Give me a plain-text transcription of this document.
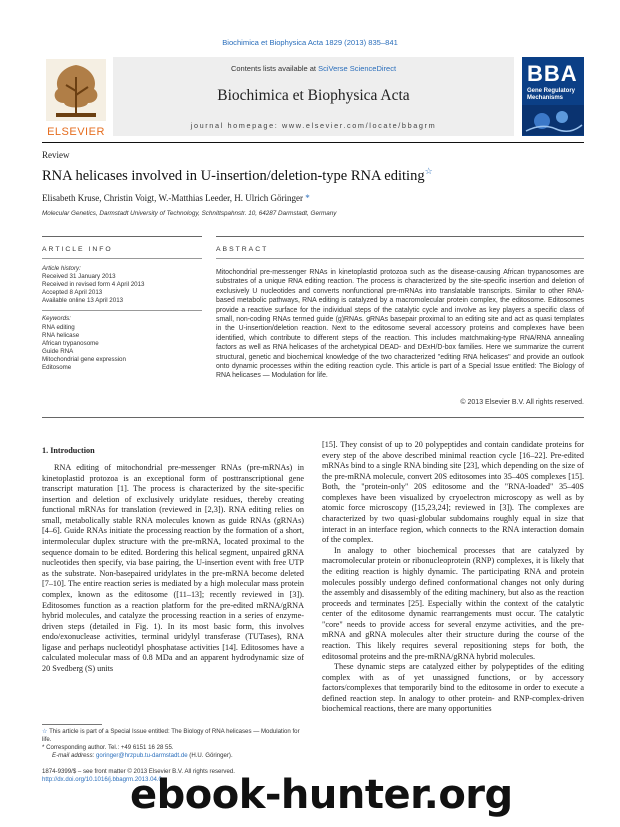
Biochimica et Biophysica Acta 1829 (2013) 835–841
ELSEVIER
Contents lists available at SciVerse ScienceDirect
Biochimica et Biophysica Acta
journal homepage: www.elsevier.com/locate/bbagrm
BBA
Gene Regulatory Mechanisms
Review
RNA helicases involved in U-insertion/deletion-type RNA editing☆
Elisabeth Kruse, Christin Voigt, W.-Matthias Leeder, H. Ulrich Göringer *
Molecular Genetics, Darmstadt University of Technology, Schnittspahnstr. 10, 64287 Darmstadt, Germany
ARTICLE INFO	ABSTRACT
Article history:
Received 31 January 2013
Received in revised form 4 April 2013
Accepted 8 April 2013
Available online 13 April 2013
Keywords:
RNA editing
RNA helicase
African trypanosome
Guide RNA
Mitochondrial gene expression
Editosome
Mitochondrial pre-messenger RNAs in kinetoplastid protozoa such as the disease-causing African trypanosomes are substrates of a unique RNA editing reaction. The process is characterized by the site-specific insertion and deletion of exclusively U nucleotides and converts nonfunctional pre-mRNAs into translatable transcripts. Similar to other RNA-based metabolic pathways, RNA editing is catalyzed by a macromolecular protein complex, the editosome. Editosomes provide a reactive surface for the individual steps of the catalytic cycle and involve as key players a specific class of small, non-coding RNAs termed guide (g)RNAs. gRNAs basepair proximal to an editing site and act as quasi templates in the U-insertion/deletion reaction. Next to the editosome several accessory proteins and complexes have been identified, which contribute to different steps of the reaction. This includes matchmaking-type RNA/RNA annealing factors as well as RNA helicases of the archetypical DEAD- and DExH/D-box families. Here we summarize the current structural, genetic and biochemical knowledge of the two characterized "editing RNA helicases" and provide an outlook onto dynamic processes within the editing reaction cycle. This article is part of a Special Issue entitled: The Biology of RNA helicases — Modulation for life.
© 2013 Elsevier B.V. All rights reserved.
1. Introduction

RNA editing of mitochondrial pre-messenger RNAs (pre-mRNAs) in kinetoplastid protozoa is an exceptional form of posttranscriptional gene transcript maturation [1]. The process is characterized by the site-specific insertion and deletion of exclusively uridylate residues, thereby creating functional mRNAs for translation (reviewed in [2,3]). RNA editing relies on small, metabolically stable RNA molecules known as guide RNAs (gRNAs) [4–6]. Guide RNAs initiate the processing reaction by the formation of a short, intermolecular duplex structure with the pre-mRNA, located proximal to the sequence domain to be edited. Bordering this helical segment, unpaired gRNA nucleotides then specify, via base pairing, the U-insertion event with free UTP as the substrate. Non-basepaired uridylates in the pre-mRNA become deleted [7–10]. The entire reaction series is mediated by a high molecular mass protein complex, known as the editosome ([11–13]; recently reviewed in [3]). Editosomes function as a reaction platform for the pre-edited mRNA/gRNA hybrid molecules, and catalyze the processing reaction in a series of enzyme-driven steps (detailed in Fig. 1). In its most basic form, this involves endo/exonuclease activities, terminal uridylyl transferase (TUTases), RNA ligase and perhaps nucleotidyl phosphatase activities [14]. Editosomes have a calculated molecular mass of 0.8 MDa and an apparent hydrodynamic size of 20 Svedberg (S) units

[15]. They consist of up to 20 polypeptides and contain candidate proteins for every step of the above described minimal reaction cycle [16–22]. Pre-edited mRNAs bind to a single RNA binding site [23], which depending on the size of the pre-mRNA molecule, convert 20S editosomes into 35–40S complexes [15]. Both, the "protein-only" 20S editosome and the "RNA-loaded" 35–40S complexes have been visualized by cryoelectron microscopy as well as by atomic force microscopy ([15,23,24]; reviewed in [3]). The complexes are characterized by two quasi-globular subdomains roughly equal in size that interact in an interface region, which connects to the RNA interaction domain of the complex.

In analogy to other biochemical processes that are catalyzed by macromolecular protein or ribonucleoprotein (RNP) complexes, it is likely that the editing reaction is highly dynamic. The participating RNA and protein molecules possibly undergo defined conformational changes not only during the assembly and disassembly of the editing machinery, but also as the reaction proceeds and terminates [25]. Especially within the context of the catalytic center of the editosome dynamic rearrangements must occur. The catalytic "core" needs to provide access for several enzyme activities, and the pre-mRNA and gRNA molecules alter their structure during the course of the reaction. This likely requires several repositioning steps for both, the editosomal proteins and the pre-mRNA/gRNA hybrid molecules.

These dynamic steps are catalyzed either by polypeptides of the editing complex with as of yet unassigned functions, or by accessory factors/complexes that temporarily bind to the editosome in order to execute a defined reaction step. In analogy to other protein- and RNP-complex-driven biochemical reactions, there are many opportunities

☆ This article is part of a Special Issue entitled: The Biology of RNA helicases — Modulation for life.
* Corresponding author. Tel.: +49 6151 16 28 55.
E-mail address: goringer@hrzpub.tu-darmstadt.de (H.U. Göringer).
1874-9399/$ – see front matter © 2013 Elsevier B.V. All rights reserved.
http://dx.doi.org/10.1016/j.bbagrm.2013.04.0
ebook-hunter.org
